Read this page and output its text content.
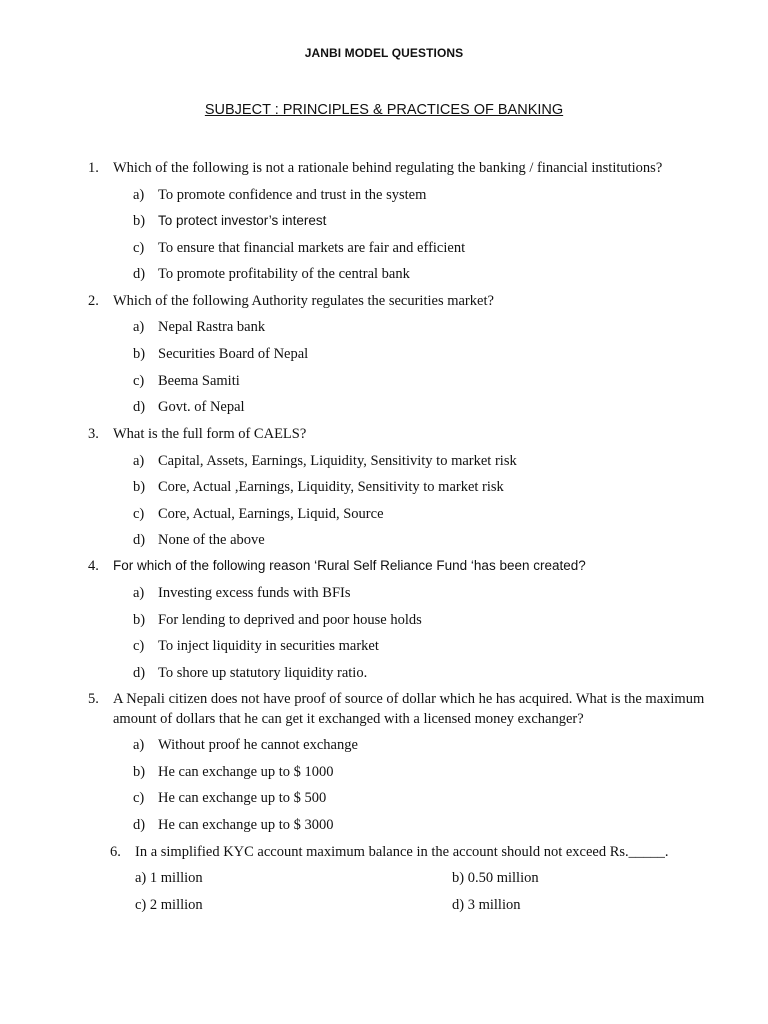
JANBI MODEL QUESTIONS
SUBJECT : PRINCIPLES & PRACTICES OF BANKING
1. Which of the following is not a rationale behind regulating the banking / financial institutions?
a) To promote confidence and trust in the system
b) To protect investor’s interest
c) To ensure that financial markets are fair and efficient
d) To promote profitability of the central bank
2. Which of the following Authority regulates the securities market?
a) Nepal Rastra bank
b) Securities Board of Nepal
c) Beema Samiti
d) Govt. of Nepal
3. What is the full form of CAELS?
a) Capital, Assets, Earnings, Liquidity, Sensitivity to market risk
b) Core, Actual ,Earnings, Liquidity, Sensitivity to market risk
c) Core, Actual, Earnings, Liquid, Source
d) None of the above
4. For which of the following reason ‘Rural Self Reliance Fund ‘has been created?
a) Investing excess funds with BFIs
b) For lending to deprived and poor house holds
c) To inject liquidity in securities market
d) To shore up statutory liquidity ratio.
5. A Nepali citizen does not have proof of source of dollar which he has acquired. What is the maximum
amount of dollars that he can get it exchanged with a licensed money exchanger?
a) Without proof he cannot exchange
b) He can exchange up to $ 1000
c) He can exchange up to $ 500
d) He can exchange up to $ 3000
6. In a simplified KYC account maximum balance in the account should not exceed Rs._____.
a) 1 million	b) 0.50 million
c) 2 million	d) 3 million
